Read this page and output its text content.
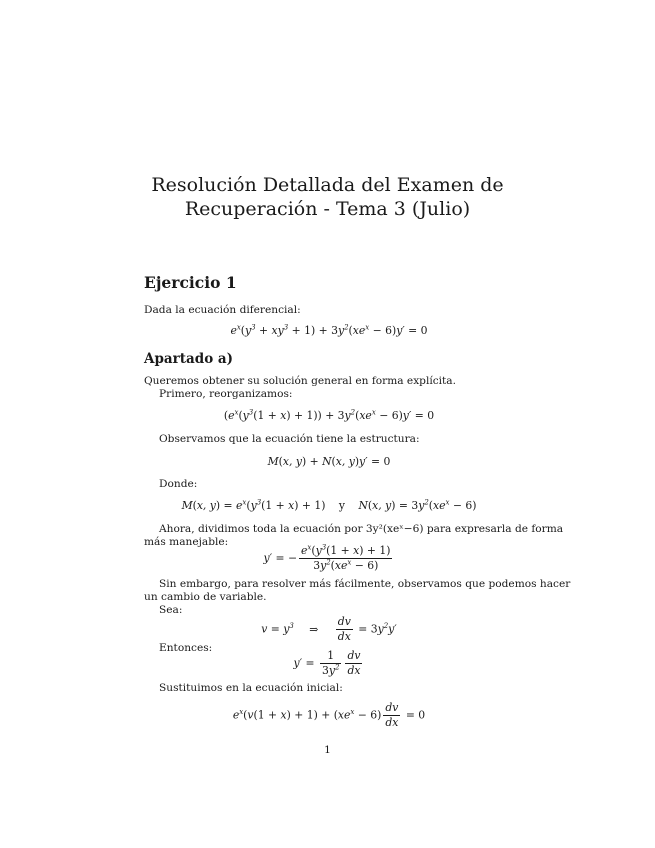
Resolución Detallada del Examen de
Recuperación - Tema 3 (Julio)
Ejercicio 1
Dada la ecuación diferencial:
$e^x(y^3 + xy^3 + 1) + 3y^2(xe^x - 6)y' = 0$
Apartado a)
Queremos obtener su solución general en forma explícita.
Primero, reorganizamos:
$(e^x(y^3(1 + x) + 1)) + 3y^2(xe^x - 6)y' = 0$
Observamos que la ecuación tiene la estructura:
M(x, y) + N(x, y)y′ = 0
Donde:
M(x, $y) = e^x(y^3(1 + x) + 1)$ y N(x, $y) = 3y^2(xe^x - 6)$
Ahora, dividimos toda la ecuación por 3y²(xeˣ−6) para expresarla de forma
más manejable:
y′ = − $\frac{e^x(y^3(1 + x) + 1)}{3y^2(xe^x - 6)}$
Sin embargo, para resolver más fácilmente, observamos que podemos hacer
un cambio de variable.
Sea:
$v = y^3$ ⇒ $\frac{dv}{dx} = 3y^2y'$
Entonces:
$y' = \frac{1}{3y^2} \frac{dv}{dx}$
Sustituimos en la ecuación inicial:
$e^x(v(1 + x) + 1) + (xe^x - 6) \frac{dv}{dx} = 0$
1
